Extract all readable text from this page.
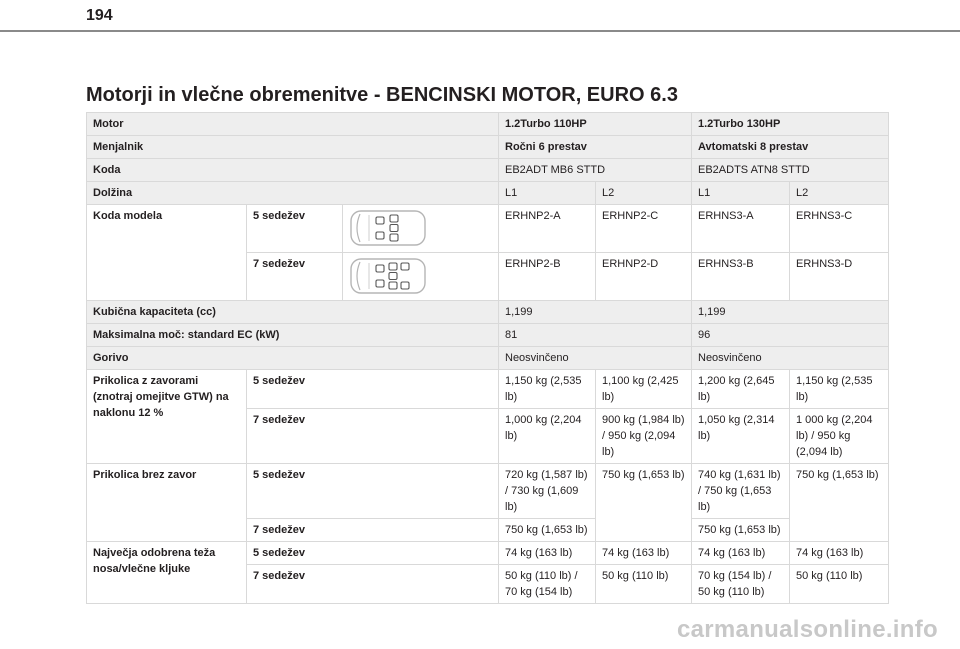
194
Motorji in vlečne obremenitve - BENCINSKI MOTOR, EURO 6.3
Motor			1.2Turbo 110HP		1.2Turbo 130HP	
Menjalnik			Ročni 6 prestav		Avtomatski 8 prestav	
Koda			EB2ADT MB6 STTD		EB2ADTS ATN8 STTD	
Dolžina			L1	L2	L1	L2
Koda modela	5 sedežev		ERHNP2-A	ERHNP2-C	ERHNS3-A	ERHNS3-C
	7 sedežev		ERHNP2-B	ERHNP2-D	ERHNS3-B	ERHNS3-D
Kubična kapaciteta (cc)			1,199		1,199	
Maksimalna moč: standard EC (kW)			81		96	
Gorivo			Neosvinčeno		Neosvinčeno	
Prikolica z zavorami (znotraj omejitve GTW) na naklonu 12 %	5 sedežev		1,150 kg (2,535 lb)	1,100 kg (2,425 lb)	1,200 kg (2,645 lb)	1,150 kg (2,535 lb)
	7 sedežev		1,000 kg (2,204 lb)	900 kg (1,984 lb) / 950 kg (2,094 lb)	1,050 kg (2,314 lb)	1 000 kg (2,204 lb) / 950 kg (2,094 lb)
Prikolica brez zavor	5 sedežev		720 kg (1,587 lb) / 730 kg (1,609 lb)	750 kg (1,653 lb)	740 kg (1,631 lb) / 750 kg (1,653 lb)	750 kg (1,653 lb)
	7 sedežev		750 kg (1,653 lb)		750 kg (1,653 lb)	
Največja odobrena teža nosa/vlečne kljuke	5 sedežev		74 kg (163 lb)	74 kg (163 lb)	74 kg (163 lb)	74 kg (163 lb)
	7 sedežev		50 kg (110 lb) / 70 kg (154 lb)	50 kg (110 lb)	70 kg (154 lb) / 50 kg (110 lb)	50 kg (110 lb)
carmanualsonline.info
